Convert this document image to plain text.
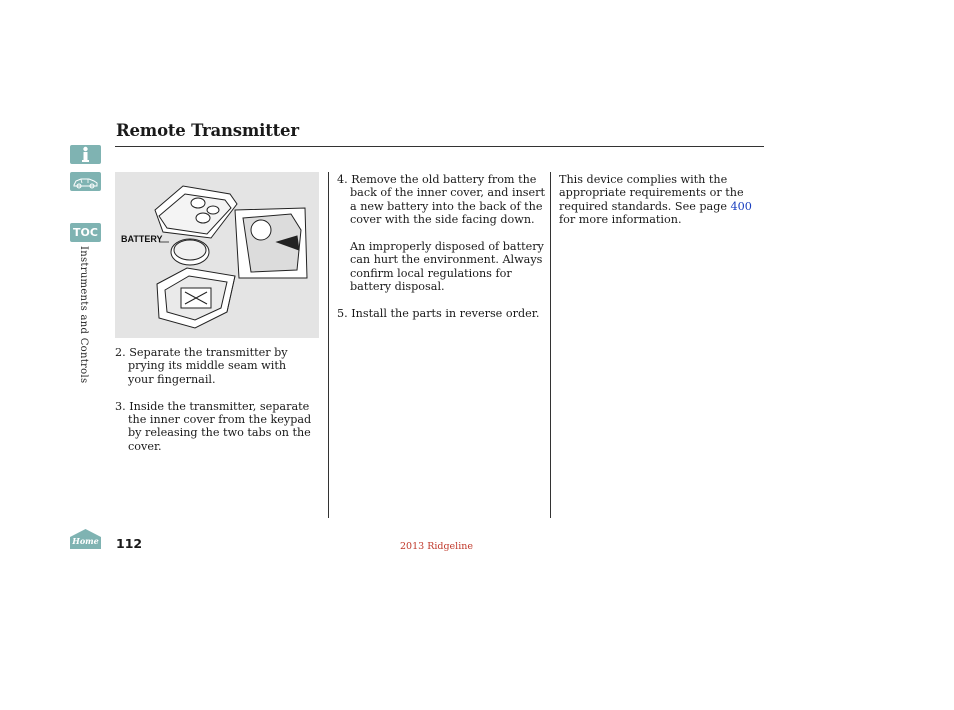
TOC
Instruments and Controls
Remote Transmitter
BATTERY

2. Separate the transmitter by prying its middle seam with your fingernail.

3. Inside the transmitter, separate the inner cover from the keypad by releasing the two tabs on the cover.

4. Remove the old battery from the back of the inner cover, and insert a new battery into the back of the cover with the side facing down.

An improperly disposed of battery can hurt the environment. Always confirm local regulations for battery disposal.

5. Install the parts in reverse order.

This device complies with the appropriate requirements or the required standards. See page 400 for more information.

Home 112	2013 Ridgeline
